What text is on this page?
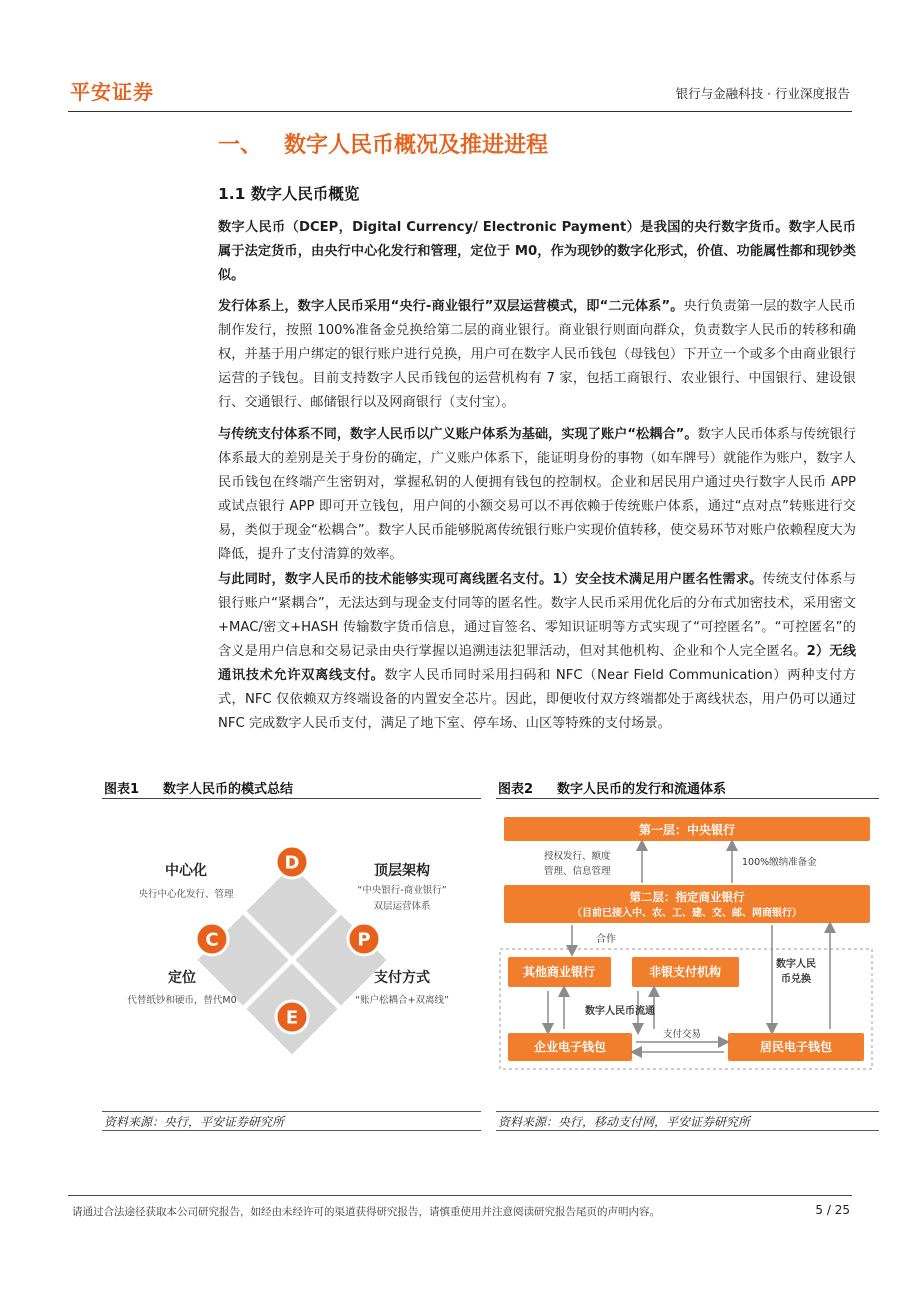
平安证券	银行与金融科技 · 行业深度报告
一、 数字人民币概况及推进进程
1.1 数字人民币概览
数字人民币（DCEP，Digital Currency/ Electronic Payment）是我国的央行数字货币。数字人民币属于法定货币，由央行中心化发行和管理，定位于 M0，作为现钞的数字化形式，价值、功能属性都和现钞类似。
发行体系上，数字人民币采用“央行-商业银行”双层运营模式，即“二元体系”。央行负责第一层的数字人民币制作发行，按照 100%准备金兑换给第二层的商业银行。商业银行则面向群众，负责数字人民币的转移和确权，并基于用户绑定的银行账户进行兑换，用户可在数字人民币钱包（母钱包）下开立一个或多个由商业银行运营的子钱包。目前支持数字人民币钱包的运营机构有 7 家，包括工商银行、农业银行、中国银行、建设银行、交通银行、邮储银行以及网商银行（支付宝）。
与传统支付体系不同，数字人民币以广义账户体系为基础，实现了账户“松耦合”。数字人民币体系与传统银行体系最大的差别是关于身份的确定，广义账户体系下，能证明身份的事物（如车牌号）就能作为账户，数字人民币钱包在终端产生密钥对，掌握私钥的人便拥有钱包的控制权。企业和居民用户通过央行数字人民币 APP 或试点银行 APP 即可开立钱包，用户间的小额交易可以不再依赖于传统账户体系，通过“点对点”转账进行交易，类似于现金“松耦合”。数字人民币能够脱离传统银行账户实现价值转移，使交易环节对账户依赖程度大为降低，提升了支付清算的效率。
与此同时，数字人民币的技术能够实现可离线匿名支付。1）安全技术满足用户匿名性需求。传统支付体系与银行账户“紧耦合”，无法达到与现金支付同等的匿名性。数字人民币采用优化后的分布式加密技术，采用密文+MAC/密文+HASH 传输数字货币信息，通过盲签名、零知识证明等方式实现了“可控匿名”。“可控匿名”的含义是用户信息和交易记录由央行掌握以追溯违法犯罪活动，但对其他机构、企业和个人完全匿名。2）无线通讯技术允许双离线支付。数字人民币同时采用扫码和 NFC（Near Field Communication）两种支付方式，NFC 仅依赖双方终端设备的内置安全芯片。因此，即便收付双方终端都处于离线状态，用户仍可以通过 NFC 完成数字人民币支付，满足了地下室、停车场、山区等特殊的支付场景。
图表1 数字人民币的模式总结
D
C	P
E
中心化
央行中心化发行、管理
顶层架构
“中央银行-商业银行”
双层运营体系
定位
代替纸钞和硬币，替代M0
支付方式
“账户松耦合+双离线”
资料来源：央行，平安证券研究所
图表2 数字人民币的发行和流通体系
第一层：中央银行
授权发行、额度
管理、信息管理
100%缴纳准备金
第二层：指定商业银行
（目前已接入中、农、工、建、交、邮、网商银行）
合作
其他商业银行	非银支付机构
数字人民
币兑换
数字人民币流通
企业电子钱包	居民电子钱包
支付交易
资料来源：央行，移动支付网，平安证券研究所
请通过合法途径获取本公司研究报告，如经由未经许可的渠道获得研究报告，请慎重使用并注意阅读研究报告尾页的声明内容。	5 / 25
